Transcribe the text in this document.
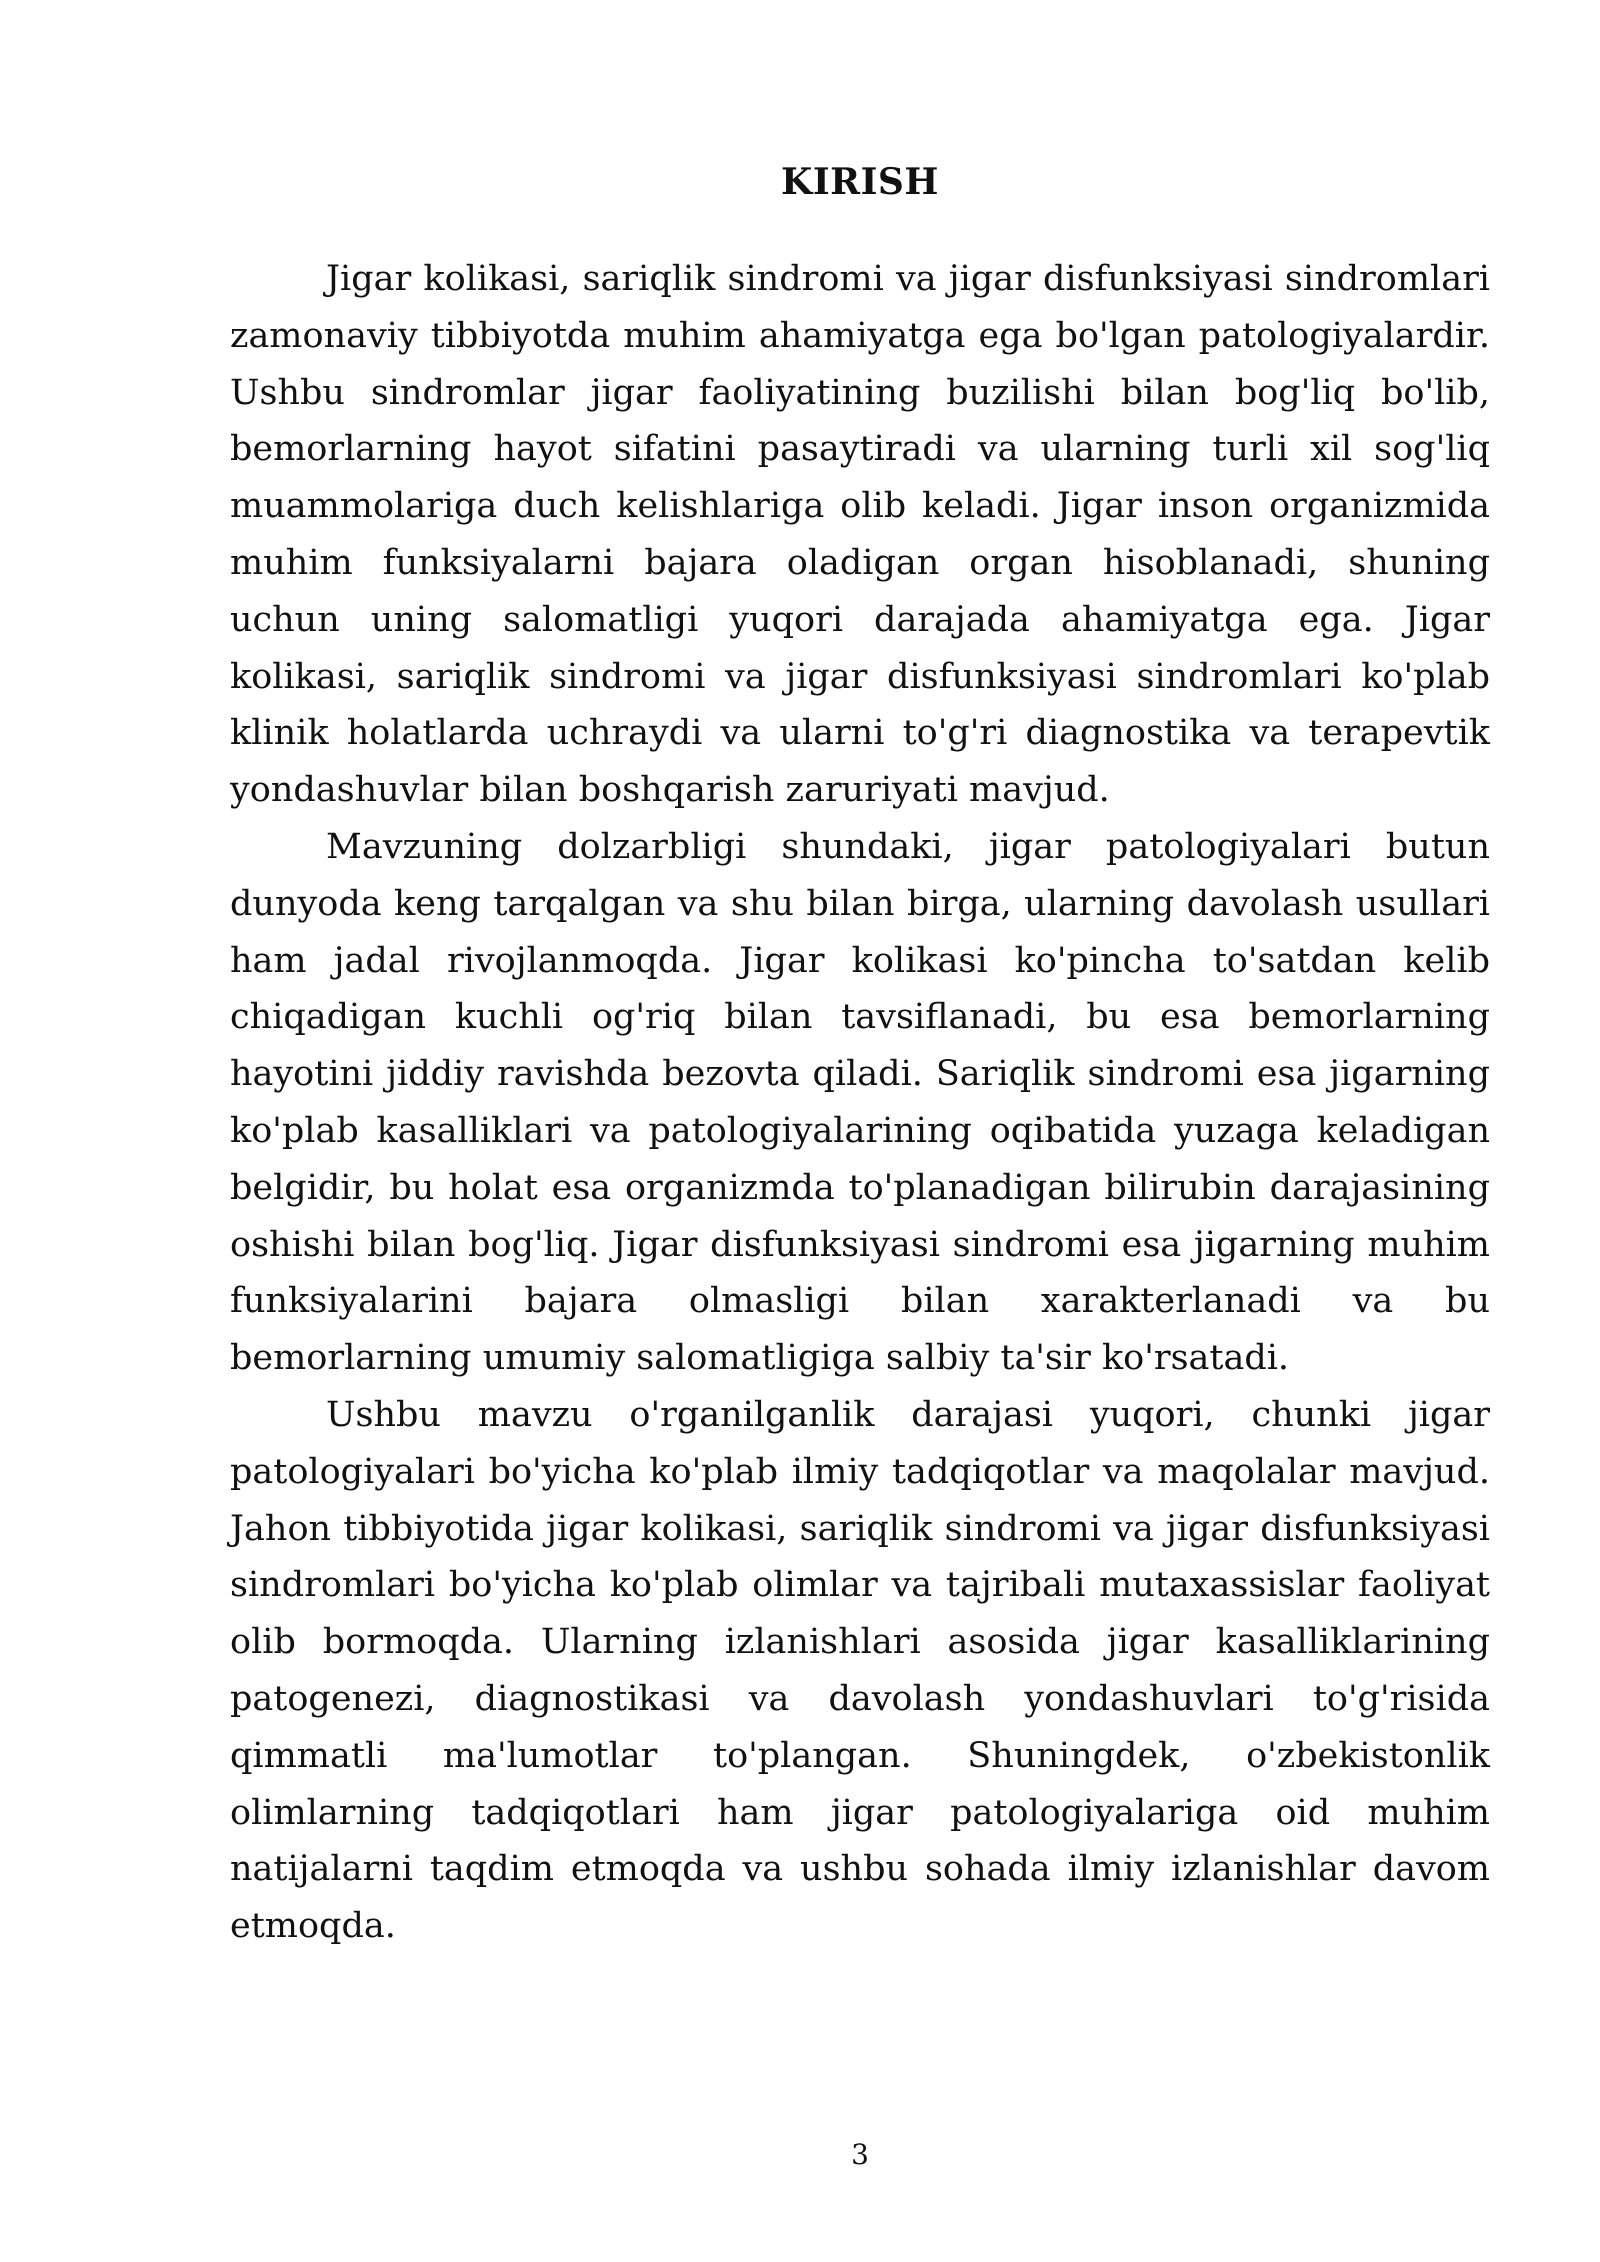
KIRISH

Jigar kolikasi, sariqlik sindromi va jigar disfunksiyasi sindromlari zamonaviy tibbiyotda muhim ahamiyatga ega bo'lgan patologiyalardir. Ushbu sindromlar jigar faoliyatining buzilishi bilan bog'liq bo'lib, bemorlarning hayot sifatini pasaytiradi va ularning turli xil sog'liq muammolariga duch kelishlariga olib keladi. Jigar inson organizmida muhim funksiyalarni bajara oladigan organ hisoblanadi, shuning uchun uning salomatligi yuqori darajada ahamiyatga ega. Jigar kolikasi, sariqlik sindromi va jigar disfunksiyasi sindromlari ko'plab klinik holatlarda uchraydi va ularni to'g'ri diagnostika va terapevtik yondashuvlar bilan boshqarish zaruriyati mavjud.

Mavzuning dolzarbligi shundaki, jigar patologiyalari butun dunyoda keng tarqalgan va shu bilan birga, ularning davolash usullari ham jadal rivojlanmoqda. Jigar kolikasi ko'pincha to'satdan kelib chiqadigan kuchli og'riq bilan tavsiflanadi, bu esa bemorlarning hayotini jiddiy ravishda bezovta qiladi. Sariqlik sindromi esa jigarning ko'plab kasalliklari va patologiyalarining oqibatida yuzaga keladigan belgidir, bu holat esa organizmda to'planadigan bilirubin darajasining oshishi bilan bog'liq. Jigar disfunksiyasi sindromi esa jigarning muhim funksiyalarini bajara olmasligi bilan xarakterlanadi va bu bemorlarning umumiy salomatligiga salbiy ta'sir ko'rsatadi.

Ushbu mavzu o'rganilganlik darajasi yuqori, chunki jigar patologiyalari bo'yicha ko'plab ilmiy tadqiqotlar va maqolalar mavjud. Jahon tibbiyotida jigar kolikasi, sariqlik sindromi va jigar disfunksiyasi sindromlari bo'yicha ko'plab olimlar va tajribali mutaxassislar faoliyat olib bormoqda. Ularning izlanishlari asosida jigar kasalliklarining patogenezi, diagnostikasi va davolash yondashuvlari to'g'risida qimmatli ma'lumotlar to'plangan. Shuningdek, o'zbekistonlik olimlarning tadqiqotlari ham jigar patologiyalariga oid muhim natijalarni taqdim etmoqda va ushbu sohada ilmiy izlanishlar davom etmoqda.

3
